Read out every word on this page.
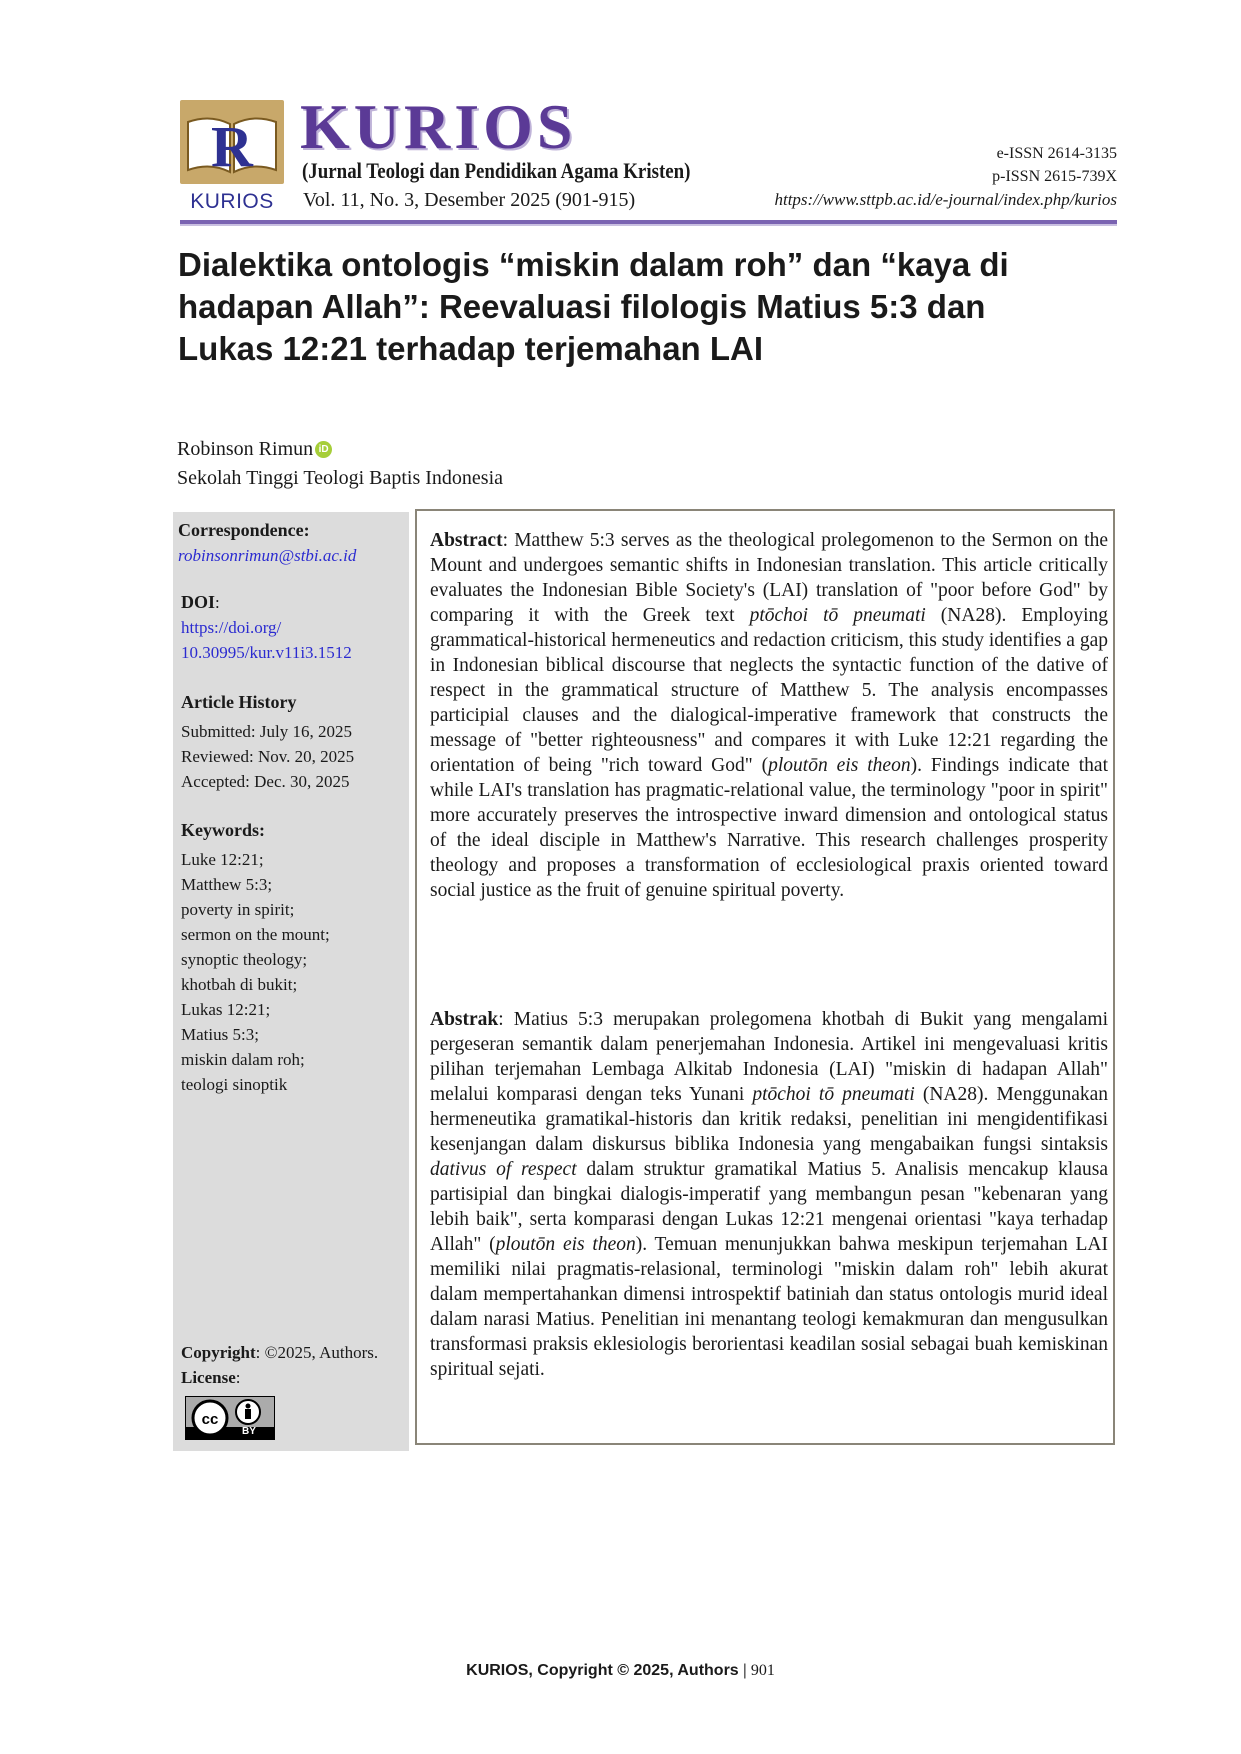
R
KURIOS
KURIOS
(Jurnal Teologi dan Pendidikan Agama Kristen)
Vol. 11, No. 3, Desember 2025 (901-915)
e-ISSN 2614-3135
p-ISSN 2615-739X
https://www.sttpb.ac.id/e-journal/index.php/kurios
Dialektika ontologis “miskin dalam roh” dan “kaya di hadapan Allah”: Reevaluasi filologis Matius 5:3 dan Lukas 12:21 terhadap terjemahan LAI
Robinson Rimun iD
Sekolah Tinggi Teologi Baptis Indonesia
Correspondence:
robinsonrimun@stbi.ac.id
DOI:
https://doi.org/
10.30995/kur.v11i3.1512
Article History
Submitted: July 16, 2025
Reviewed: Nov. 20, 2025
Accepted: Dec. 30, 2025
Keywords:
Luke 12:21;
Matthew 5:3;
poverty in spirit;
sermon on the mount;
synoptic theology;
khotbah di bukit;
Lukas 12:21;
Matius 5:3;
miskin dalam roh;
teologi sinoptik
Copyright: ©2025, Authors.
License:
cc
BY

Abstract: Matthew 5:3 serves as the theological prolegomenon to the Sermon on the Mount and undergoes semantic shifts in Indonesian translation. This article critically evaluates the Indonesian Bible Society's (LAI) translation of "poor before God" by comparing it with the Greek text ptōchoi tō pneumati (NA28). Employing grammatical-historical hermeneutics and redaction criticism, this study identifies a gap in Indonesian biblical discourse that neglects the syntactic function of the dative of respect in the grammatical structure of Matthew 5. The analysis encompasses participial clauses and the dialogical-imperative framework that constructs the message of "better righteousness" and compares it with Luke 12:21 regarding the orientation of being "rich toward God" (ploutōn eis theon). Findings indicate that while LAI's translation has pragmatic-relational value, the terminology "poor in spirit" more accurately preserves the introspective inward dimension and ontological status of the ideal disciple in Matthew's Narrative. This research challenges prosperity theology and proposes a transformation of ecclesiological praxis oriented toward social justice as the fruit of genuine spiritual poverty.

Abstrak: Matius 5:3 merupakan prolegomena khotbah di Bukit yang mengalami pergeseran semantik dalam penerjemahan Indonesia. Artikel ini mengevaluasi kritis pilihan terjemahan Lembaga Alkitab Indonesia (LAI) "miskin di hadapan Allah" melalui komparasi dengan teks Yunani ptōchoi tō pneumati (NA28). Menggunakan hermeneutika gramatikal-historis dan kritik redaksi, penelitian ini mengidentifikasi kesenjangan dalam diskursus biblika Indonesia yang mengabaikan fungsi sintaksis dativus of respect dalam struktur gramatikal Matius 5. Analisis mencakup klausa partisipial dan bingkai dialogis-imperatif yang membangun pesan "kebenaran yang lebih baik", serta komparasi dengan Lukas 12:21 mengenai orientasi "kaya terhadap Allah" (ploutōn eis theon). Temuan menunjukkan bahwa meskipun terjemahan LAI memiliki nilai pragmatis-relasional, terminologi "miskin dalam roh" lebih akurat dalam mempertahankan dimensi introspektif batiniah dan status ontologis murid ideal dalam narasi Matius. Penelitian ini menantang teologi kemakmuran dan mengusulkan transformasi praksis eklesiologis berorientasi keadilan sosial sebagai buah kemiskinan spiritual sejati.

KURIOS, Copyright © 2025, Authors | 901
